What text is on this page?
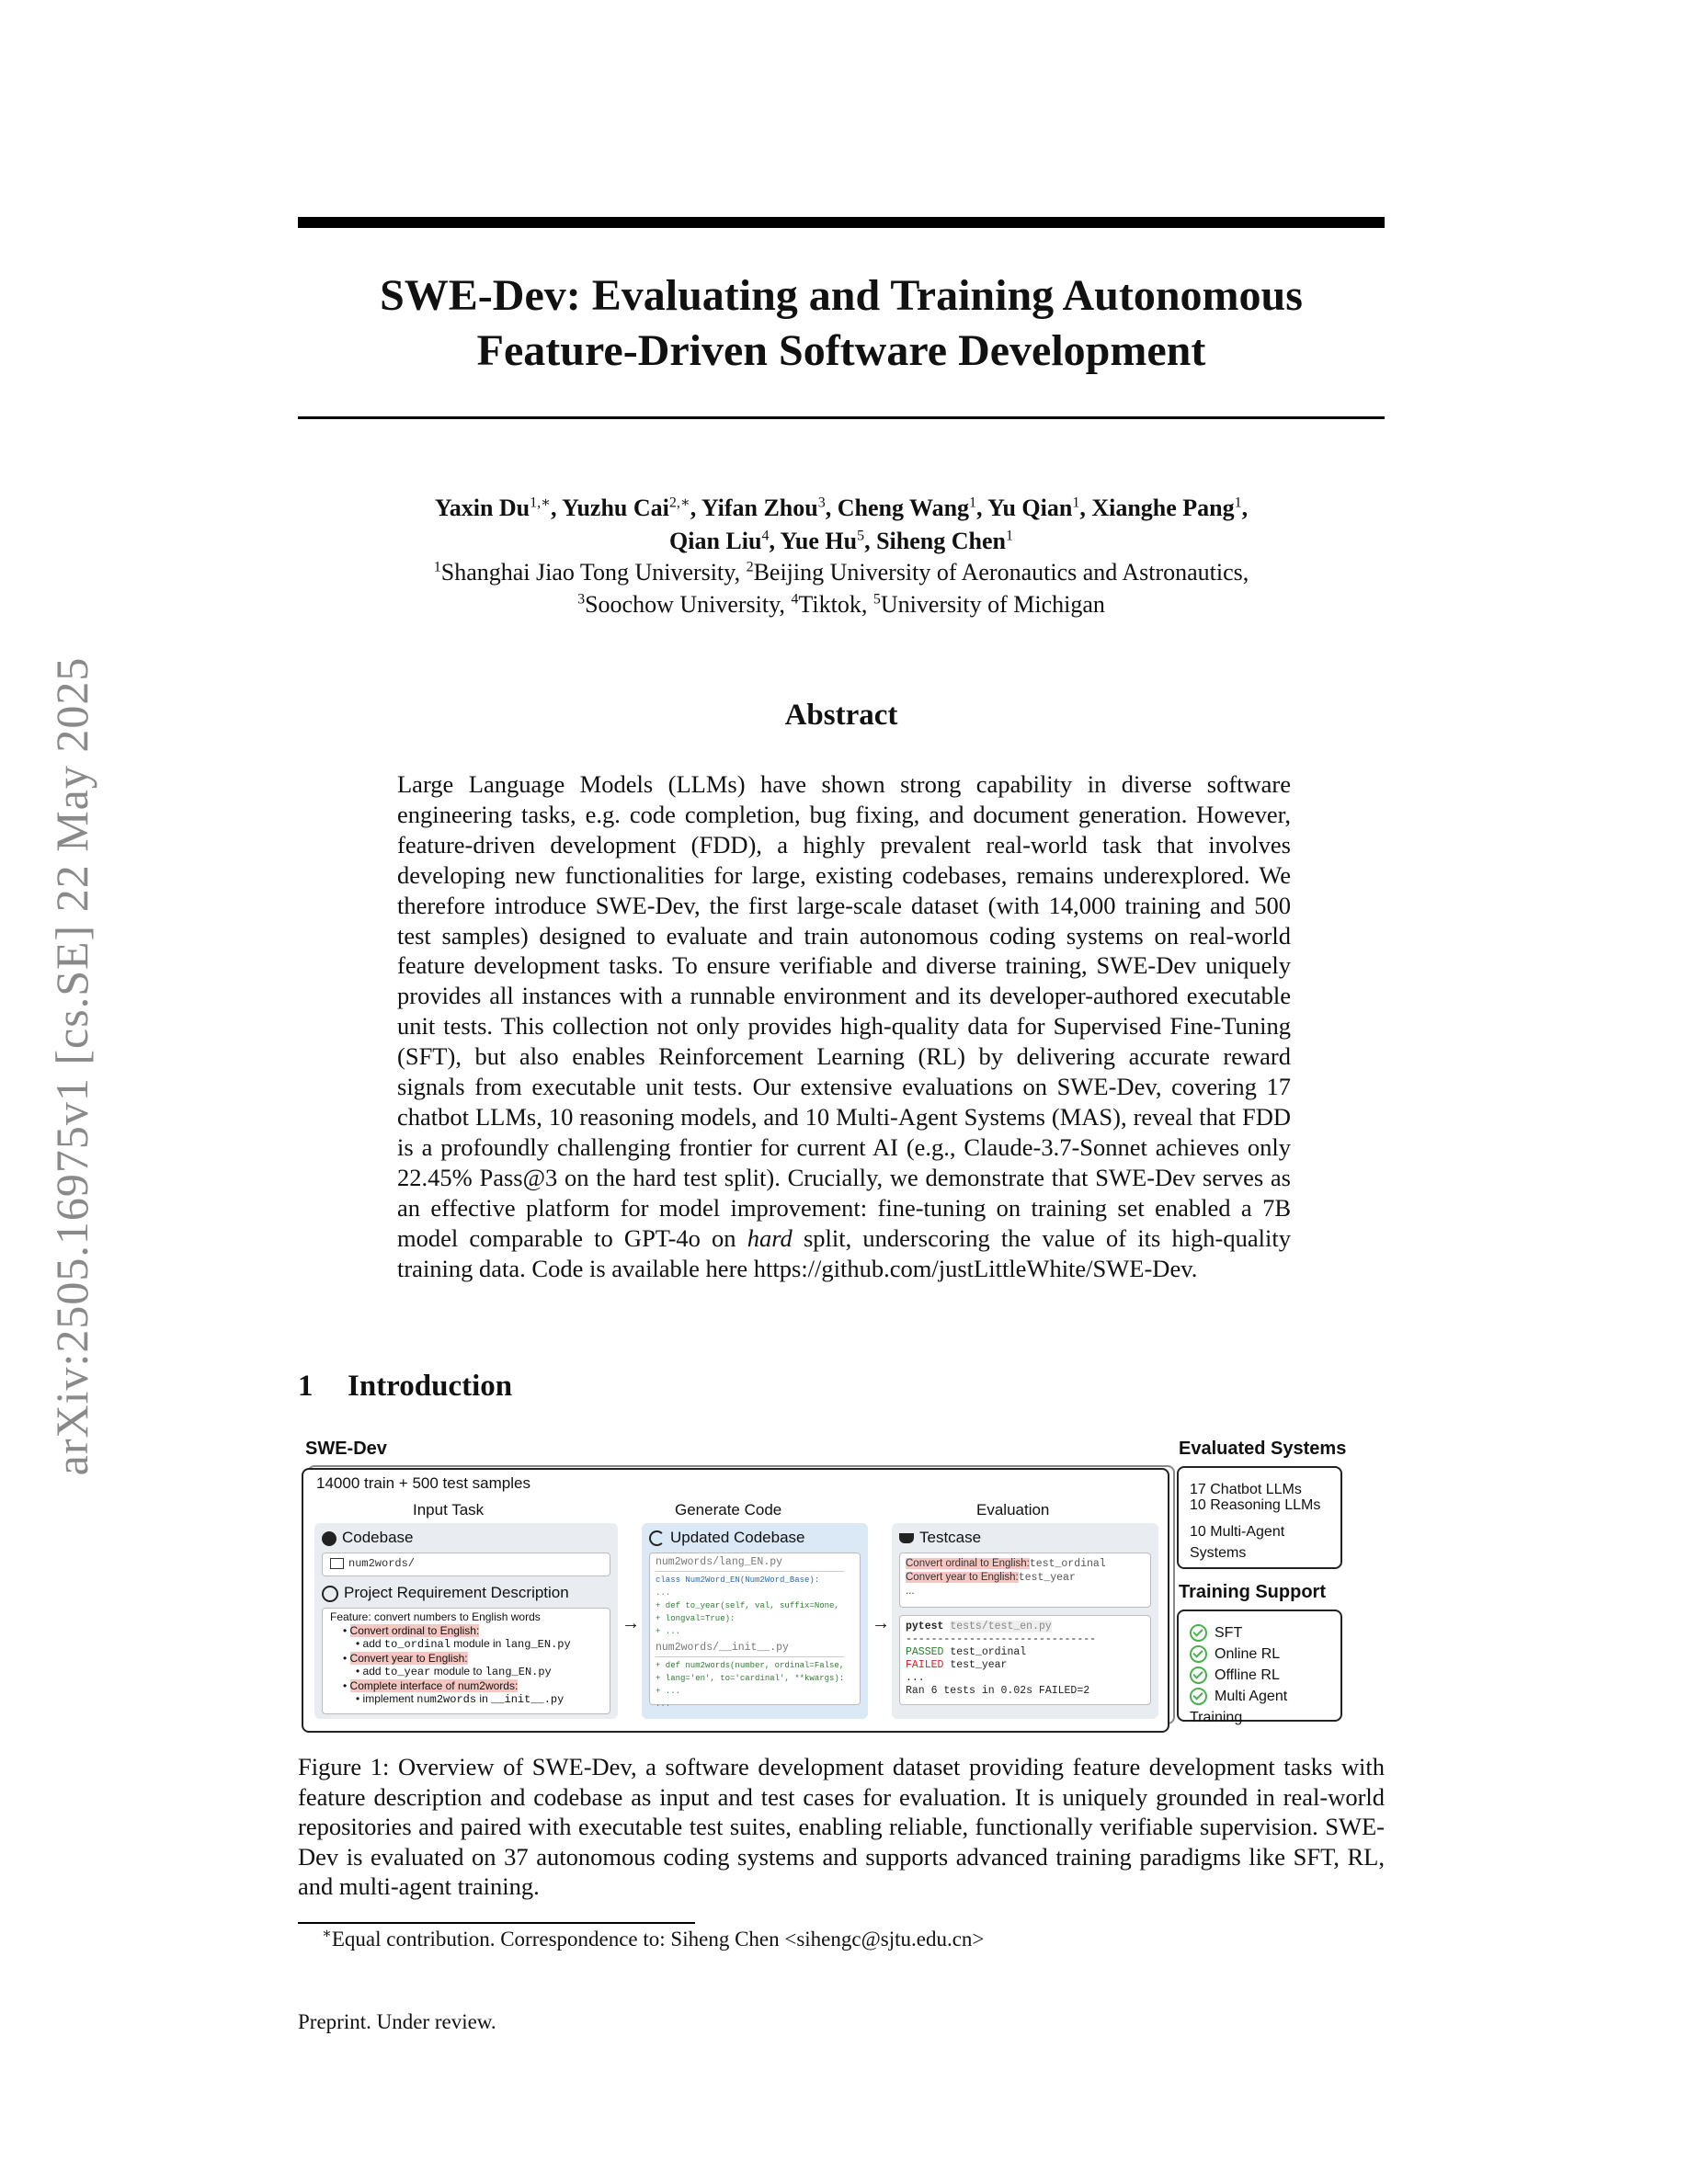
arXiv:2505.16975v1 [cs.SE] 22 May 2025
SWE-Dev: Evaluating and Training Autonomous
Feature-Driven Software Development
Yaxin $Du^{1,∗}$, Yuzhu Cai$^{2,∗}$, Yifan Zhou$^3$, Cheng Wang$^1$, Yu Qian$^1$, Xianghe Pang$^1$,
Qian Liu$^4$, Yue Hu$^5$, Siheng Chen$^1$
$^1$Shanghai Jiao Tong University, $^2$Beijing University of Aeronautics and Astronautics,
$^3$Soochow University, $^4$Tiktok, $^5$University of Michigan
Abstract
Large Language Models (LLMs) have shown strong capability in diverse software engineering tasks, e.g. code completion, bug fixing, and document generation. However, feature-driven development (FDD), a highly prevalent real-world task that involves developing new functionalities for large, existing codebases, remains underexplored. We therefore introduce SWE-Dev, the first large-scale dataset (with 14,000 training and 500 test samples) designed to evaluate and train autonomous coding systems on real-world feature development tasks. To ensure verifiable and diverse training, SWE-Dev uniquely provides all instances with a runnable environment and its developer-authored executable unit tests. This collection not only provides high-quality data for Supervised Fine-Tuning (SFT), but also enables Reinforcement Learning (RL) by delivering accurate reward signals from executable unit tests. Our extensive evaluations on SWE-Dev, covering 17 chatbot LLMs, 10 reasoning models, and 10 Multi-Agent Systems (MAS), reveal that FDD is a profoundly challenging frontier for current AI (e.g., Claude-3.7-Sonnet achieves only 22.45% Pass@3 on the hard test split). Crucially, we demonstrate that SWE-Dev serves as an effective platform for model improvement: fine-tuning on training set enabled a 7B model comparable to GPT-4o on hard split, underscoring the value of its high-quality training data. Code is available here https://github.com/justLittleWhite/SWE-Dev.
1 Introduction
SWE-Dev
14000 train + 500 test samples
Input Task	Generate Code	Evaluation
Codebase
num2words/
Project Requirement Description
Feature: convert numbers to English words
• Convert ordinal to English:
• add to_ordinal module in lang_EN.py
• Convert year to English:
• add to_year module to lang_EN.py
• Complete interface of num2words:
• implement num2words in __init__.py
→
Updated Codebase
num2words/lang_EN.py
class Num2Word_EN(Num2Word_Base):
...
+ def to_year(self, val, suffix=None,
+ longval=True):
+ ...
num2words/__init__.py
+ def num2words(number, ordinal=False,
+ lang='en', to='cardinal', **kwargs):
+ ...
...
→
Testcase
Convert ordinal to English:test_ordinal
Convert year to English:test_year
...
pytest tests/test_en.py
------------------------------
PASSED test_ordinal
FAILED test_year
...
Ran 6 tests in 0.02s FAILED=2
Evaluated Systems
17 Chatbot LLMs
10 Reasoning LLMs
10 Multi-Agent Systems
Training Support
SFT
Online RL
Offline RL
Multi Agent Training
Figure 1: Overview of SWE-Dev, a software development dataset providing feature development tasks with feature description and codebase as input and test cases for evaluation. It is uniquely grounded in real-world repositories and paired with executable test suites, enabling reliable, functionally verifiable supervision. SWE-Dev is evaluated on 37 autonomous coding systems and supports advanced training paradigms like SFT, RL, and multi-agent training.
∗Equal contribution. Correspondence to: Siheng Chen <sihengc@sjtu.edu.cn>
Preprint. Under review.
